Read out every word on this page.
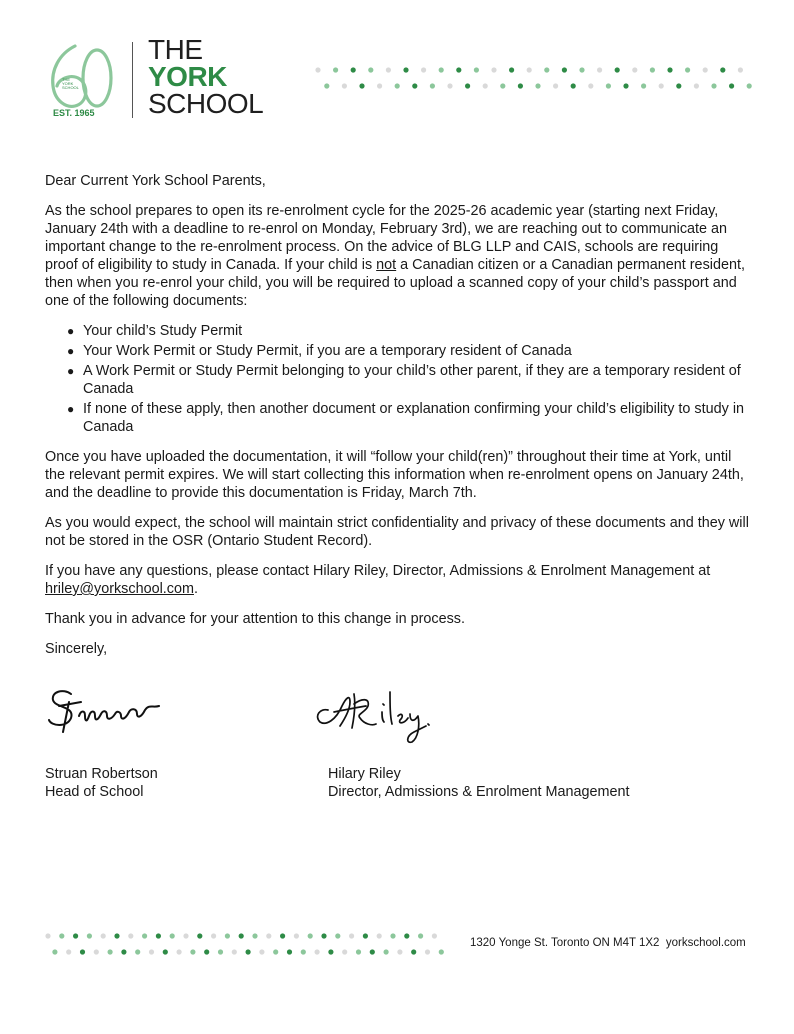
THE
YORK
SCHOOL
EST. 1965
THE
YORK
SCHOOL

Dear Current York School Parents,

As the school prepares to open its re-enrolment cycle for the 2025-26 academic year (starting next Friday, January 24th with a deadline to re-enrol on Monday, February 3rd), we are reaching out to communicate an important change to the re-enrolment process. On the advice of BLG LLP and CAIS, schools are requiring proof of eligibility to study in Canada. If your child is not a Canadian citizen or a Canadian permanent resident, then when you re-enrol your child, you will be required to upload a scanned copy of your child’s passport and one of the following documents:

● Your child’s Study Permit
● Your Work Permit or Study Permit, if you are a temporary resident of Canada
● A Work Permit or Study Permit belonging to your child’s other parent, if they are a temporary resident of Canada
● If none of these apply, then another document or explanation confirming your child’s eligibility to study in Canada

Once you have uploaded the documentation, it will “follow your child(ren)” throughout their time at York, until the relevant permit expires. We will start collecting this information when re-enrolment opens on January 24th, and the deadline to provide this documentation is Friday, March 7th.

As you would expect, the school will maintain strict confidentiality and privacy of these documents and they will not be stored in the OSR (Ontario Student Record).

If you have any questions, please contact Hilary Riley, Director, Admissions & Enrolment Management at hriley@yorkschool.com.

Thank you in advance for your attention to this change in process.

Sincerely,

Struan Robertson
Head of School
Hilary Riley
Director, Admissions & Enrolment Management
1320 Yonge St. Toronto ON M4T 1X2 yorkschool.com
